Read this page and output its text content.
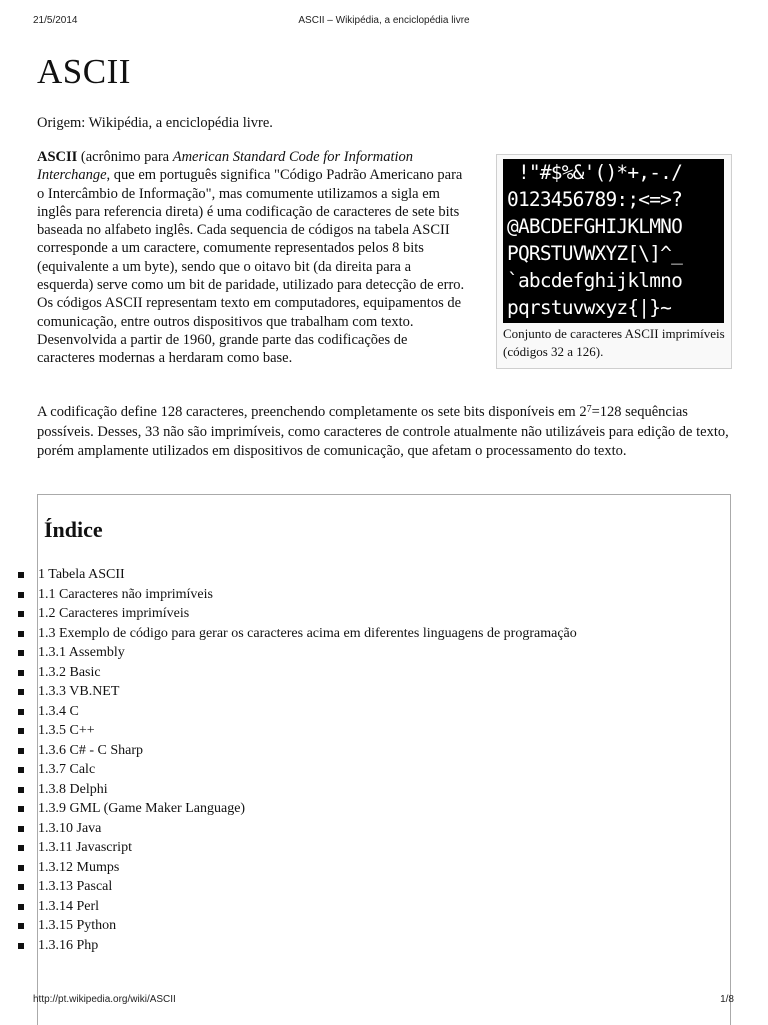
21/5/2014	ASCII – Wikipédia, a enciclopédia livre
ASCII
Origem: Wikipédia, a enciclopédia livre.
ASCII (acrônimo para American Standard Code for Information Interchange, que em português significa "Código Padrão Americano para o Intercâmbio de Informação", mas comumente utilizamos a sigla em inglês para referencia direta) é uma codificação de caracteres de sete bits baseada no alfabeto inglês. Cada sequencia de códigos na tabela ASCII corresponde a um caractere, comumente representados pelos 8 bits (equivalente a um byte), sendo que o oitavo bit (da direita para a esquerda) serve como um bit de paridade, utilizado para detecção de erro. Os códigos ASCII representam texto em computadores, equipamentos de comunicação, entre outros dispositivos que trabalham com texto. Desenvolvida a partir de 1960, grande parte das codificações de caracteres modernas a herdaram como base.
!"#$%&'()*+,-./
0123456789:;<=>?
@ABCDEFGHIJKLMNO
PQRSTUVWXYZ[\]^_
`abcdefghijklmno
pqrstuvwxyz{|}~
Conjunto de caracteres ASCII imprimíveis (códigos 32 a 126).
A codificação define 128 caracteres, preenchendo completamente os sete bits disponíveis em $2^7=128$ sequências possíveis. Desses, 33 não são imprimíveis, como caracteres de controle atualmente não utilizáveis para edição de texto, porém amplamente utilizados em dispositivos de comunicação, que afetam o processamento do texto.
Índice
1 Tabela ASCII
1.1 Caracteres não imprimíveis
1.2 Caracteres imprimíveis
1.3 Exemplo de código para gerar os caracteres acima em diferentes linguagens de programação
1.3.1 Assembly
1.3.2 Basic
1.3.3 VB.NET
1.3.4 C
1.3.5 C++
1.3.6 C# - C Sharp
1.3.7 Calc
1.3.8 Delphi
1.3.9 GML (Game Maker Language)
1.3.10 Java
1.3.11 Javascript
1.3.12 Mumps
1.3.13 Pascal
1.3.14 Perl
1.3.15 Python
1.3.16 Php
http://pt.wikipedia.org/wiki/ASCII	1/8
